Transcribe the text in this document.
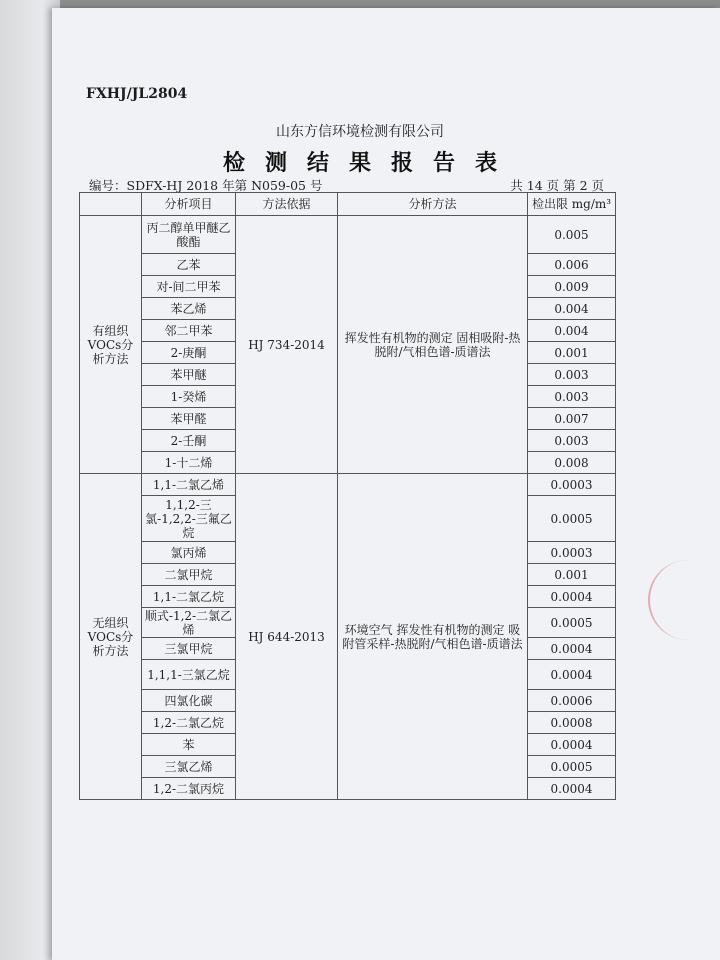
FXHJ/JL2804
山东方信环境检测有限公司
检测结果报告表
编号：SDFX-HJ 2018 年第 N059-05 号	共 14 页 第 2 页
	分析项目	方法依据	分析方法	检出限 mg/m³
有组织VOCs分析方法	丙二醇单甲醚乙酸酯	HJ 734-2014	挥发性有机物的测定 固相吸附-热脱附/气相色谱-质谱法	0.005
	乙苯			0.006
	对-间二甲苯			0.009
	苯乙烯			0.004
	邻二甲苯			0.004
	2-庚酮			0.001
	苯甲醚			0.003
	1-癸烯			0.003
	苯甲醛			0.007
	2-壬酮			0.003
	1-十二烯			0.008
无组织VOCs分析方法	1,1-二氯乙烯	HJ 644-2013	环境空气 挥发性有机物的测定 吸附管采样-热脱附/气相色谱-质谱法	0.0003
	1,1,2-三氯-1,2,2-三氟乙烷			0.0005
	氯丙烯			0.0003
	二氯甲烷			0.001
	1,1-二氯乙烷			0.0004
	顺式-1,2-二氯乙烯			0.0005
	三氯甲烷			0.0004
	1,1,1-三氯乙烷			0.0004
	四氯化碳			0.0006
	1,2-二氯乙烷			0.0008
	苯			0.0004
	三氯乙烯			0.0005
	1,2-二氯丙烷			0.0004
